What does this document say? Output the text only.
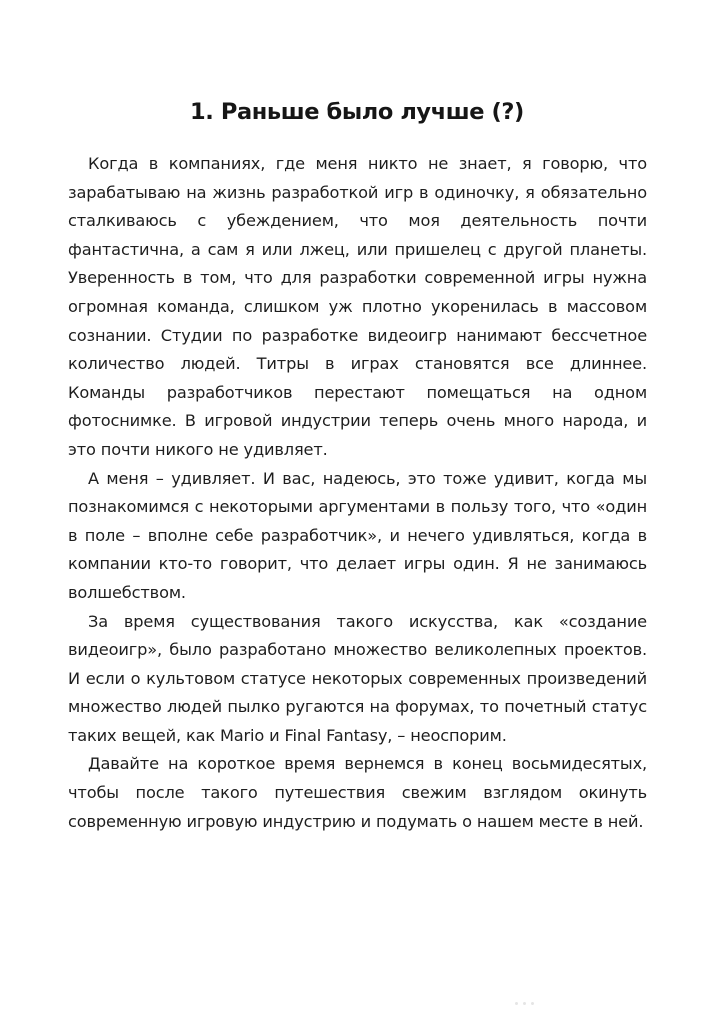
1. Раньше было лучше (?)

Когда в компаниях, где меня никто не знает, я говорю, что зарабатываю на жизнь разработкой игр в одиночку, я обязательно сталкиваюсь с убеждением, что моя деятельность почти фантастична, а сам я или лжец, или пришелец с другой планеты. Уверенность в том, что для разработки современной игры нужна огромная команда, слишком уж плотно укоренилась в массовом сознании. Студии по разработке видеоигр нанимают бессчетное количество людей. Титры в играх становятся все длиннее. Команды разработчиков перестают помещаться на одном фотоснимке. В игровой индустрии теперь очень много народа, и это почти никого не удивляет.

А меня – удивляет. И вас, надеюсь, это тоже удивит, когда мы познакомимся с некоторыми аргументами в пользу того, что «один в поле – вполне себе разработчик», и нечего удивляться, когда в компании кто-то говорит, что делает игры один. Я не занимаюсь волшебством.

За время существования такого искусства, как «создание видеоигр», было разработано множество великолепных проектов. И если о культовом статусе некоторых современных произведений множество людей пылко ругаются на форумах, то почетный статус таких вещей, как Mario и Final Fantasy, – неоспорим.

Давайте на короткое время вернемся в конец восьмидесятых, чтобы после такого путешествия свежим взглядом окинуть современную игровую индустрию и подумать о нашем месте в ней.
